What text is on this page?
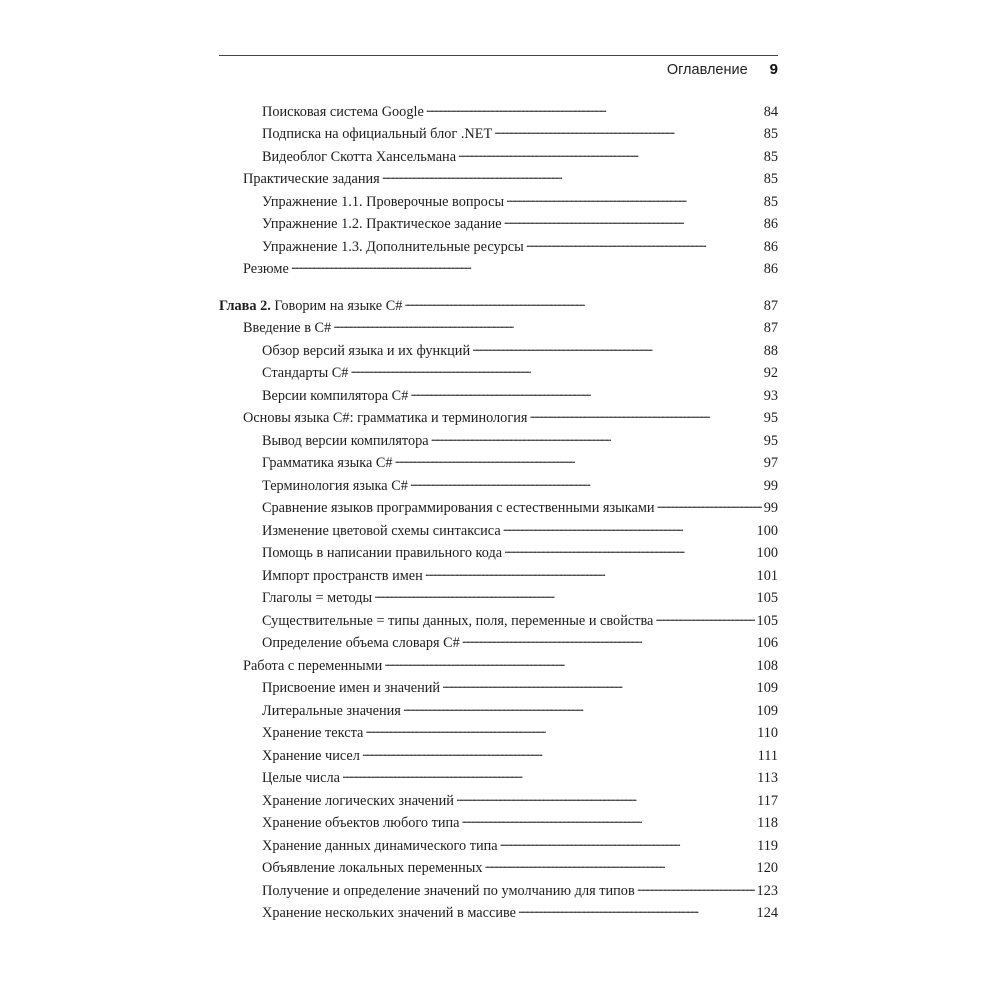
Оглавление 9
Поисковая система Google . . .	84
Подписка на официальный блог .NET . . .	85
Видеоблог Скотта Хансельмана . . .	85
Практические задания . . .	85
Упражнение 1.1. Проверочные вопросы . . .	85
Упражнение 1.2. Практическое задание . . .	86
Упражнение 1.3. Дополнительные ресурсы . . .	86
Резюме . . .	86
Глава 2. Говорим на языке C# . . .	87
Введение в C# . . .	87
Обзор версий языка и их функций . . .	88
Стандарты C# . . .	92
Версии компилятора C# . . .	93
Основы языка C#: грамматика и терминология . . .	95
Вывод версии компилятора . . .	95
Грамматика языка C# . . .	97
Терминология языка C# . . .	99
Сравнение языков программирования с естественными языками . . .	99
Изменение цветовой схемы синтаксиса . . .	100
Помощь в написании правильного кода . . .	100
Импорт пространств имен . . .	101
Глаголы = методы . . .	105
Существительные = типы данных, поля, переменные и свойства . . .	105
Определение объема словаря C# . . .	106
Работа с переменными . . .	108
Присвоение имен и значений . . .	109
Литеральные значения . . .	109
Хранение текста . . .	110
Хранение чисел . . .	111
Целые числа . . .	113
Хранение логических значений . . .	117
Хранение объектов любого типа . . .	118
Хранение данных динамического типа . . .	119
Объявление локальных переменных . . .	120
Получение и определение значений по умолчанию для типов . . .	123
Хранение нескольких значений в массиве . . .	124
